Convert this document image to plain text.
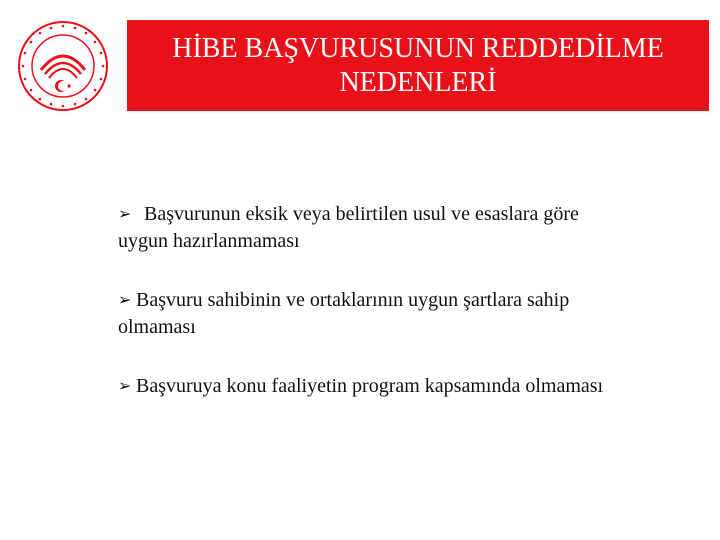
HİBE BAŞVURUSUNUN REDDEDİLME
NEDENLERİ
➢ Başvurunun eksik veya belirtilen usul ve esaslara göre
uygun hazırlanmaması
➢ Başvuru sahibinin ve ortaklarının uygun şartlara sahip
olmaması
➢ Başvuruya konu faaliyetin program kapsamında olmaması
